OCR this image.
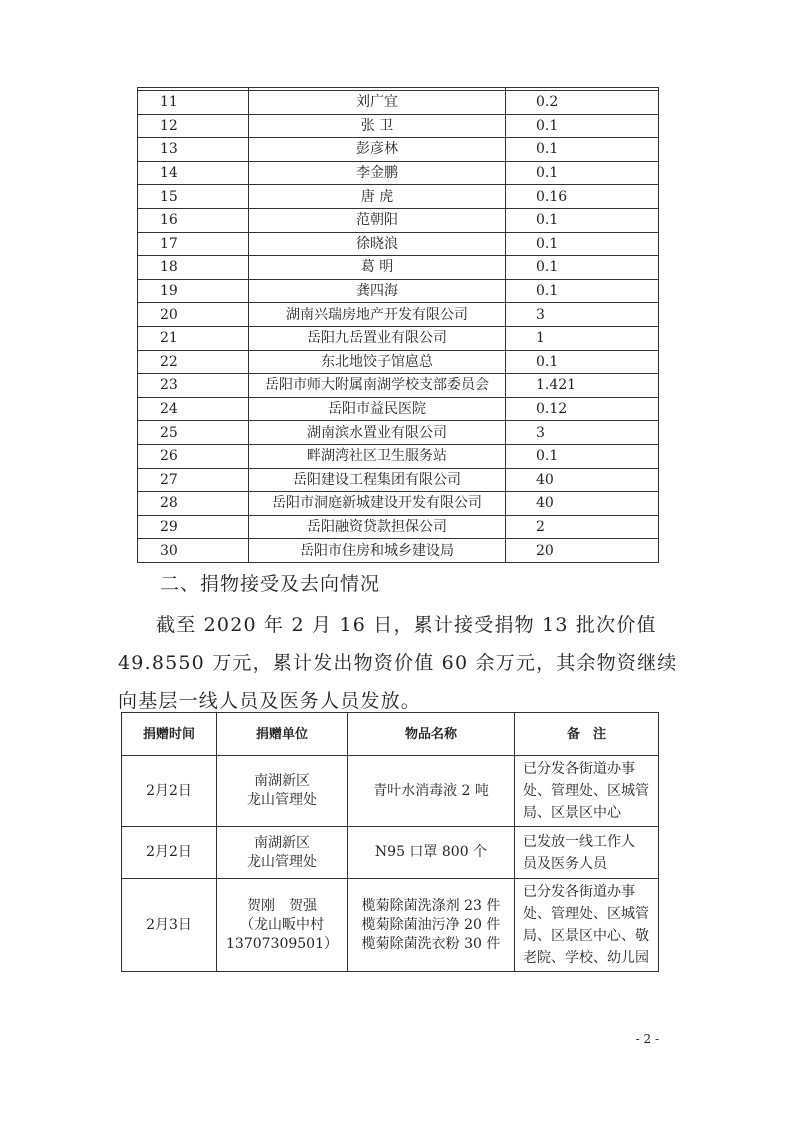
11	刘广宜	0.2
12	张 卫	0.1
13	彭彦林	0.1
14	李金鹏	0.1
15	唐 虎	0.16
16	范朝阳	0.1
17	徐晓浪	0.1
18	葛 明	0.1
19	龚四海	0.1
20	湖南兴瑞房地产开发有限公司	3
21	岳阳九岳置业有限公司	1
22	东北地饺子馆扈总	0.1
23	岳阳市师大附属南湖学校支部委员会	1.421
24	岳阳市益民医院	0.12
25	湖南滨水置业有限公司	3
26	畔湖湾社区卫生服务站	0.1
27	岳阳建设工程集团有限公司	40
28	岳阳市洞庭新城建设开发有限公司	40
29	岳阳融资贷款担保公司	2
30	岳阳市住房和城乡建设局	20
二、捐物接受及去向情况

截至 2020 年 2 月 16 日，累计接受捐物 13 批次价值 49.8550 万元，累计发出物资价值 60 余万元，其余物资继续向基层一线人员及医务人员发放。

捐赠时间	捐赠单位	物品名称	备　注
2月2日	南湖新区
龙山管理处	青叶水消毒液 2 吨	已分发各街道办事
处、管理处、区城管
局、区景区中心

2月2日	南湖新区
龙山管理处	N95 口罩 800 个	已发放一线工作人
员及医务人员

2月3日	贺刚　贺强
（龙山畈中村
13707309501）	榄菊除菌洗涤剂 23 件
榄菊除菌油污净 20 件
榄菊除菌洗衣粉 30 件	已分发各街道办事
处、管理处、区城管
局、区景区中心、敬
老院、学校、幼儿园
- 2 -
